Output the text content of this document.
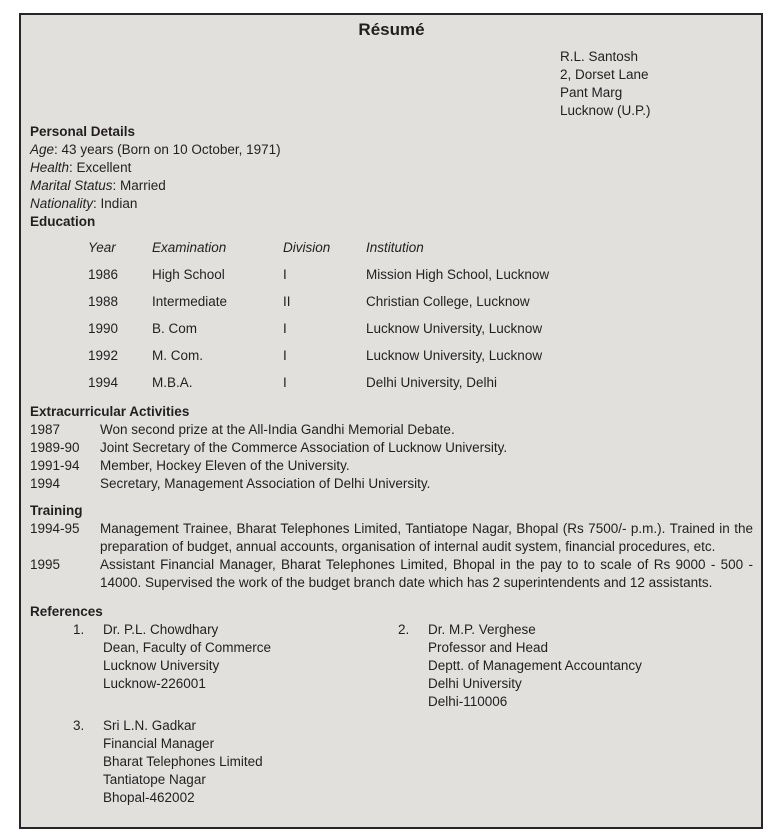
Résumé
R.L. Santosh
2, Dorset Lane
Pant Marg
Lucknow (U.P.)
Personal Details
Age: 43 years (Born on 10 October, 1971)
Health: Excellent
Marital Status: Married
Nationality: Indian
Education
Year	Examination	Division	Institution
1986	High School	I	Mission High School, Lucknow
1988	Intermediate	II	Christian College, Lucknow
1990	B. Com	I	Lucknow University, Lucknow
1992	M. Com.	I	Lucknow University, Lucknow
1994	M.B.A.	I	Delhi University, Delhi
Extracurricular Activities
1987	Won second prize at the All-India Gandhi Memorial Debate.
1989-90	Joint Secretary of the Commerce Association of Lucknow University.
1991-94	Member, Hockey Eleven of the University.
1994	Secretary, Management Association of Delhi University.
Training
1994-95	Management Trainee, Bharat Telephones Limited, Tantiatope Nagar, Bhopal (Rs 7500/- p.m.). Trained in the preparation of budget, annual accounts, organisation of internal audit system, financial procedures, etc.
1995	Assistant Financial Manager, Bharat Telephones Limited, Bhopal in the pay to to scale of Rs 9000 - 500 - 14000. Supervised the work of the budget branch date which has 2 superintendents and 12 assistants.
References
1. Dr. P.L. Chowdhary
Dean, Faculty of Commerce
Lucknow University
Lucknow-226001
2. Dr. M.P. Verghese
Professor and Head
Deptt. of Management Accountancy
Delhi University
Delhi-110006
3. Sri L.N. Gadkar
Financial Manager
Bharat Telephones Limited
Tantiatope Nagar
Bhopal-462002
